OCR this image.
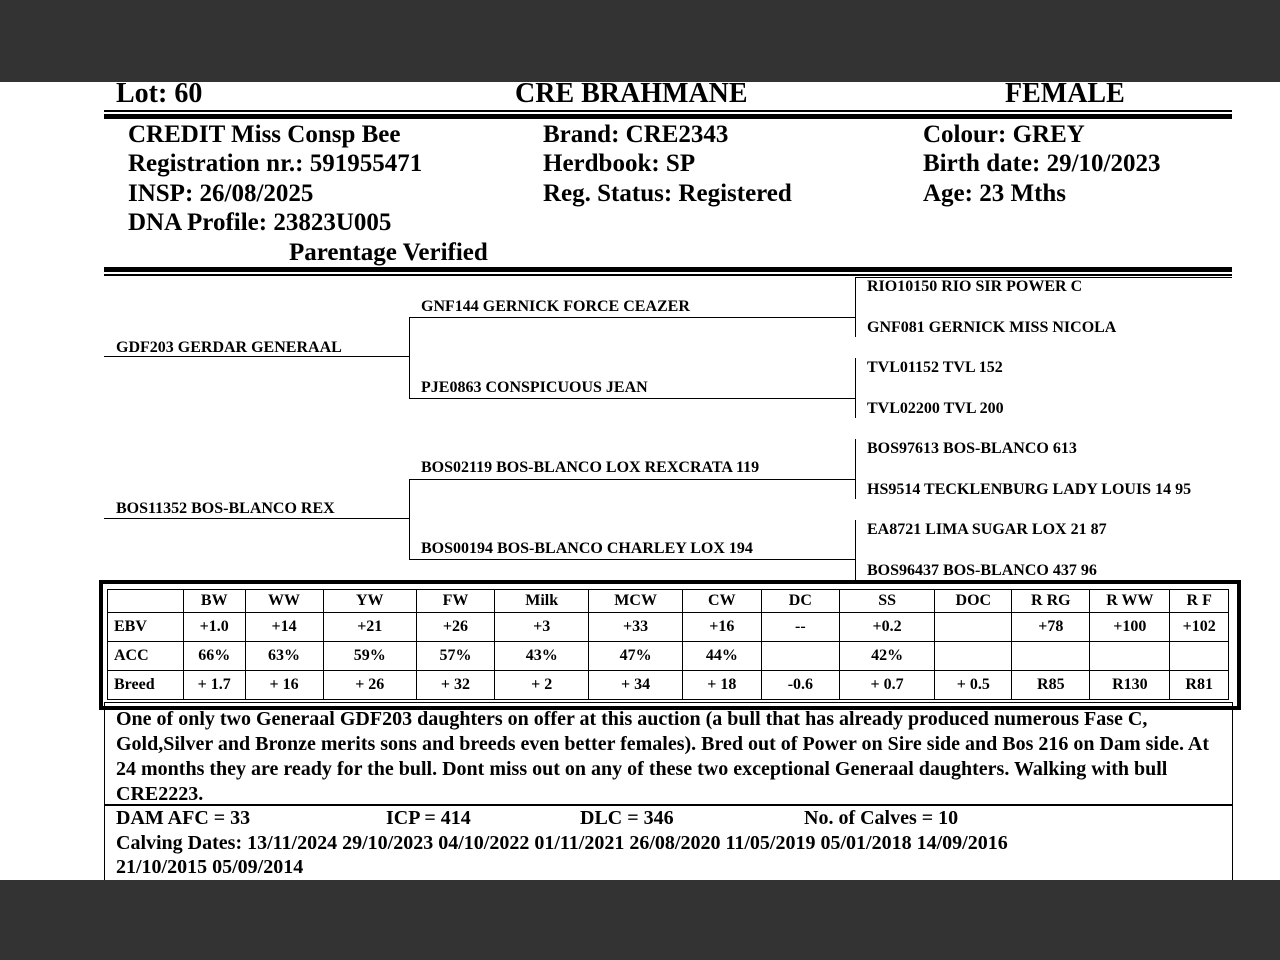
Lot: 60	CRE BRAHMANE	FEMALE
CREDIT Miss Consp Bee
Registration nr.: 591955471
INSP: 26/08/2025
DNA Profile: 23823U005
Parentage Verified
Brand: CRE2343
Herdbook: SP
Reg. Status: Registered
Colour: GREY
Birth date: 29/10/2023
Age: 23 Mths
GDF203 GERDAR GENERAAL
BOS11352 BOS-BLANCO REX
GNF144 GERNICK FORCE CEAZER
PJE0863 CONSPICUOUS JEAN
BOS02119 BOS-BLANCO LOX REXCRATA 119
BOS00194 BOS-BLANCO CHARLEY LOX 194
RIO10150 RIO SIR POWER C
GNF081 GERNICK MISS NICOLA
TVL01152 TVL 152
TVL02200 TVL 200
BOS97613 BOS-BLANCO 613
HS9514 TECKLENBURG LADY LOUIS 14 95
EA8721 LIMA SUGAR LOX 21 87
BOS96437 BOS-BLANCO 437 96
	BW	WW	YW	FW	Milk	MCW	CW	DC	SS	DOC	R RG	R WW	R F
EBV	+1.0	+14	+21	+26	+3	+33	+16	--	+0.2		+78	+100	+102
ACC	66%	63%	59%	57%	43%	47%	44%		42%				
Breed	+ 1.7	+ 16	+ 26	+ 32	+ 2	+ 34	+ 18	-0.6	+ 0.7	+ 0.5	R85	R130	R81
One of only two Generaal GDF203 daughters on offer at this auction (a bull that has already produced numerous Fase C, Gold,Silver and Bronze merits sons and breeds even better females). Bred out of Power on Sire side and Bos 216 on Dam side. At 24 months they are ready for the bull. Dont miss out on any of these two exceptional Generaal daughters. Walking with bull CRE2223.
DAM AFC = 33	ICP = 414	DLC = 346	No. of Calves = 10
Calving Dates: 13/11/2024 29/10/2023 04/10/2022 01/11/2021 26/08/2020 11/05/2019 05/01/2018 14/09/2016
21/10/2015 05/09/2014
